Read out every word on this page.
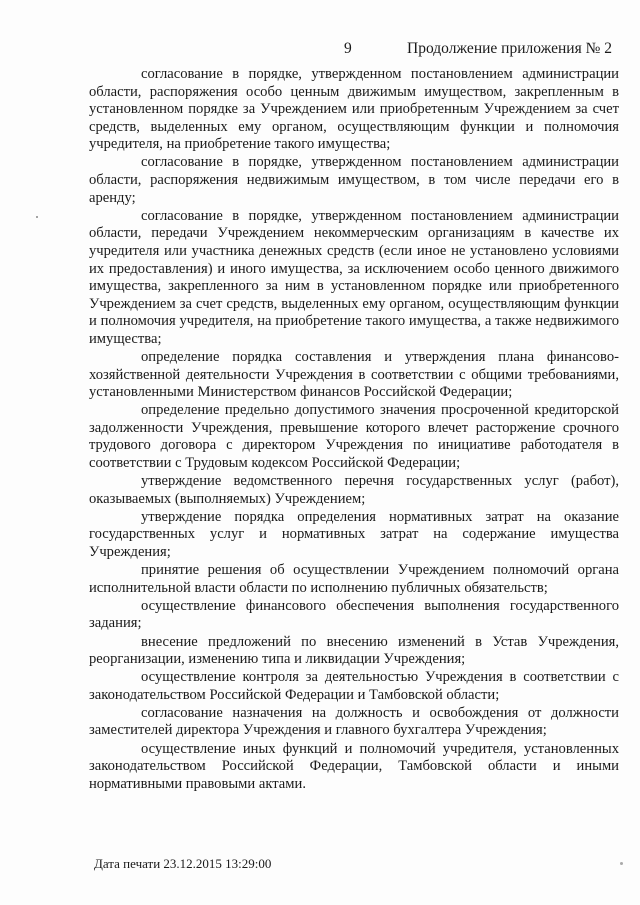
9	Продолжение приложения № 2

согласование в порядке, утвержденном постановлением администрации области, распоряжения особо ценным движимым имуществом, закрепленным в установленном порядке за Учреждением или приобретенным Учреждением за счет средств, выделенных ему органом, осуществляющим функции и полномочия учредителя, на приобретение такого имущества;

согласование в порядке, утвержденном постановлением администрации области, распоряжения недвижимым имуществом, в том числе передачи его в аренду;

согласование в порядке, утвержденном постановлением администрации области, передачи Учреждением некоммерческим организациям в качестве их учредителя или участника денежных средств (если иное не установлено условиями их предоставления) и иного имущества, за исключением особо ценного движимого имущества, закрепленного за ним в установленном порядке или приобретенного Учреждением за счет средств, выделенных ему органом, осуществляющим функции и полномочия учредителя, на приобретение такого имущества, а также недвижимого имущества;

определение порядка составления и утверждения плана финансово-хозяйственной деятельности Учреждения в соответствии с общими требованиями, установленными Министерством финансов Российской Федерации;

определение предельно допустимого значения просроченной кредиторской задолженности Учреждения, превышение которого влечет расторжение срочного трудового договора с директором Учреждения по инициативе работодателя в соответствии с Трудовым кодексом Российской Федерации;

утверждение ведомственного перечня государственных услуг (работ), оказываемых (выполняемых) Учреждением;

утверждение порядка определения нормативных затрат на оказание государственных услуг и нормативных затрат на содержание имущества Учреждения;

принятие решения об осуществлении Учреждением полномочий органа исполнительной власти области по исполнению публичных обязательств;

осуществление финансового обеспечения выполнения государственного задания;

внесение предложений по внесению изменений в Устав Учреждения, реорганизации, изменению типа и ликвидации Учреждения;

осуществление контроля за деятельностью Учреждения в соответствии с законодательством Российской Федерации и Тамбовской области;

согласование назначения на должность и освобождения от должности заместителей директора Учреждения и главного бухгалтера Учреждения;

осуществление иных функций и полномочий учредителя, установленных законодательством Российской Федерации, Тамбовской области и иными нормативными правовыми актами.

Дата печати 23.12.2015 13:29:00
